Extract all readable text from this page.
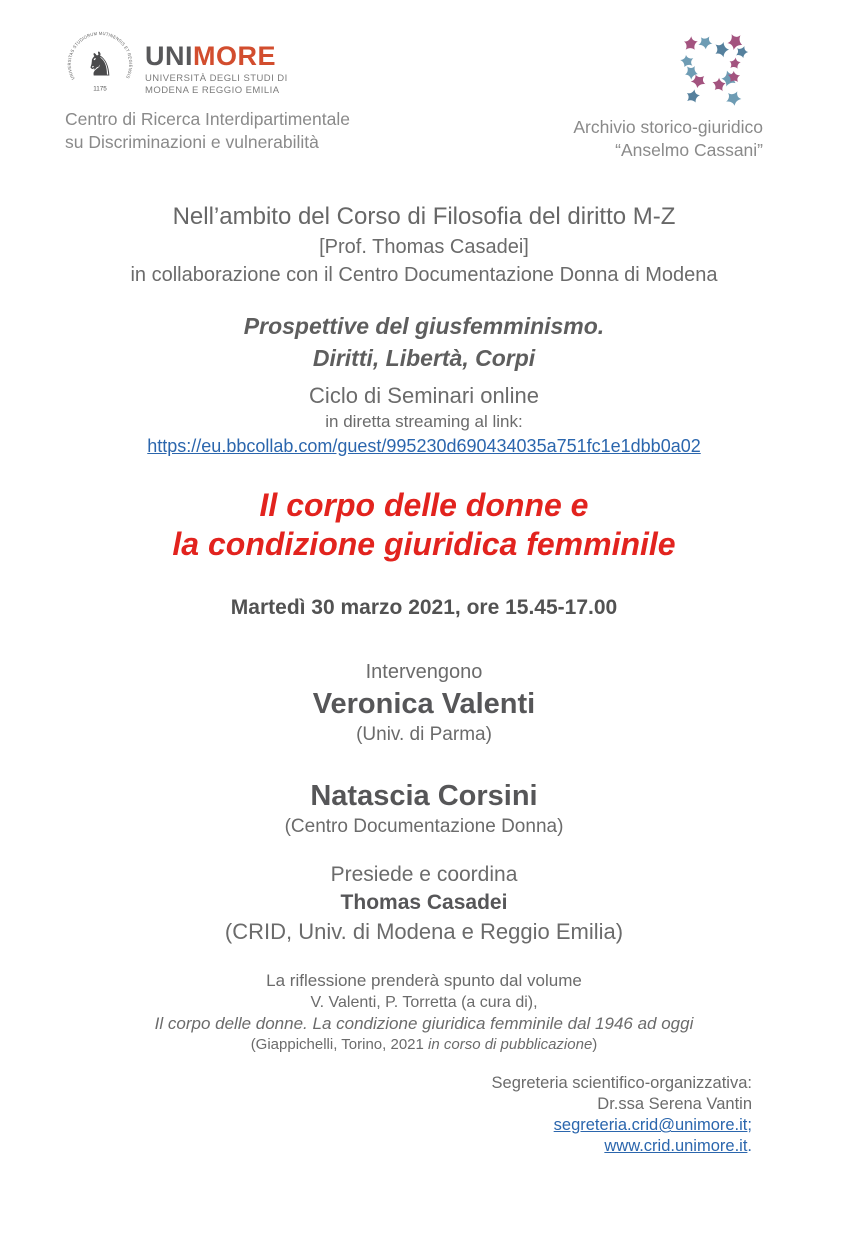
UNIVERSITAS STUDIORUM MUTINENSIS ET REGIENSIS
♞
1175
UNIMORE
UNIVERSITÀ DEGLI STUDI DI
MODENA E REGGIO EMILIA
Centro di Ricerca Interdipartimentale
su Discriminazioni e vulnerabilità
Archivio storico-giuridico
“Anselmo Cassani”
Nell’ambito del Corso di Filosofia del diritto M-Z
[Prof. Thomas Casadei]
in collaborazione con il Centro Documentazione Donna di Modena
Prospettive del giusfemminismo.
Diritti, Libertà, Corpi
Ciclo di Seminari online
in diretta streaming al link:
https://eu.bbcollab.com/guest/995230d690434035a751fc1e1dbb0a02
Il corpo delle donne e
la condizione giuridica femminile
Martedì 30 marzo 2021, ore 15.45-17.00
Intervengono
Veronica Valenti
(Univ. di Parma)
Natascia Corsini
(Centro Documentazione Donna)
Presiede e coordina
Thomas Casadei
(CRID, Univ. di Modena e Reggio Emilia)
La riflessione prenderà spunto dal volume
V. Valenti, P. Torretta (a cura di),
Il corpo delle donne. La condizione giuridica femminile dal 1946 ad oggi
(Giappichelli, Torino, 2021 in corso di pubblicazione)
Segreteria scientifico-organizzativa:
Dr.ssa Serena Vantin
segreteria.crid@unimore.it;
www.crid.unimore.it.
